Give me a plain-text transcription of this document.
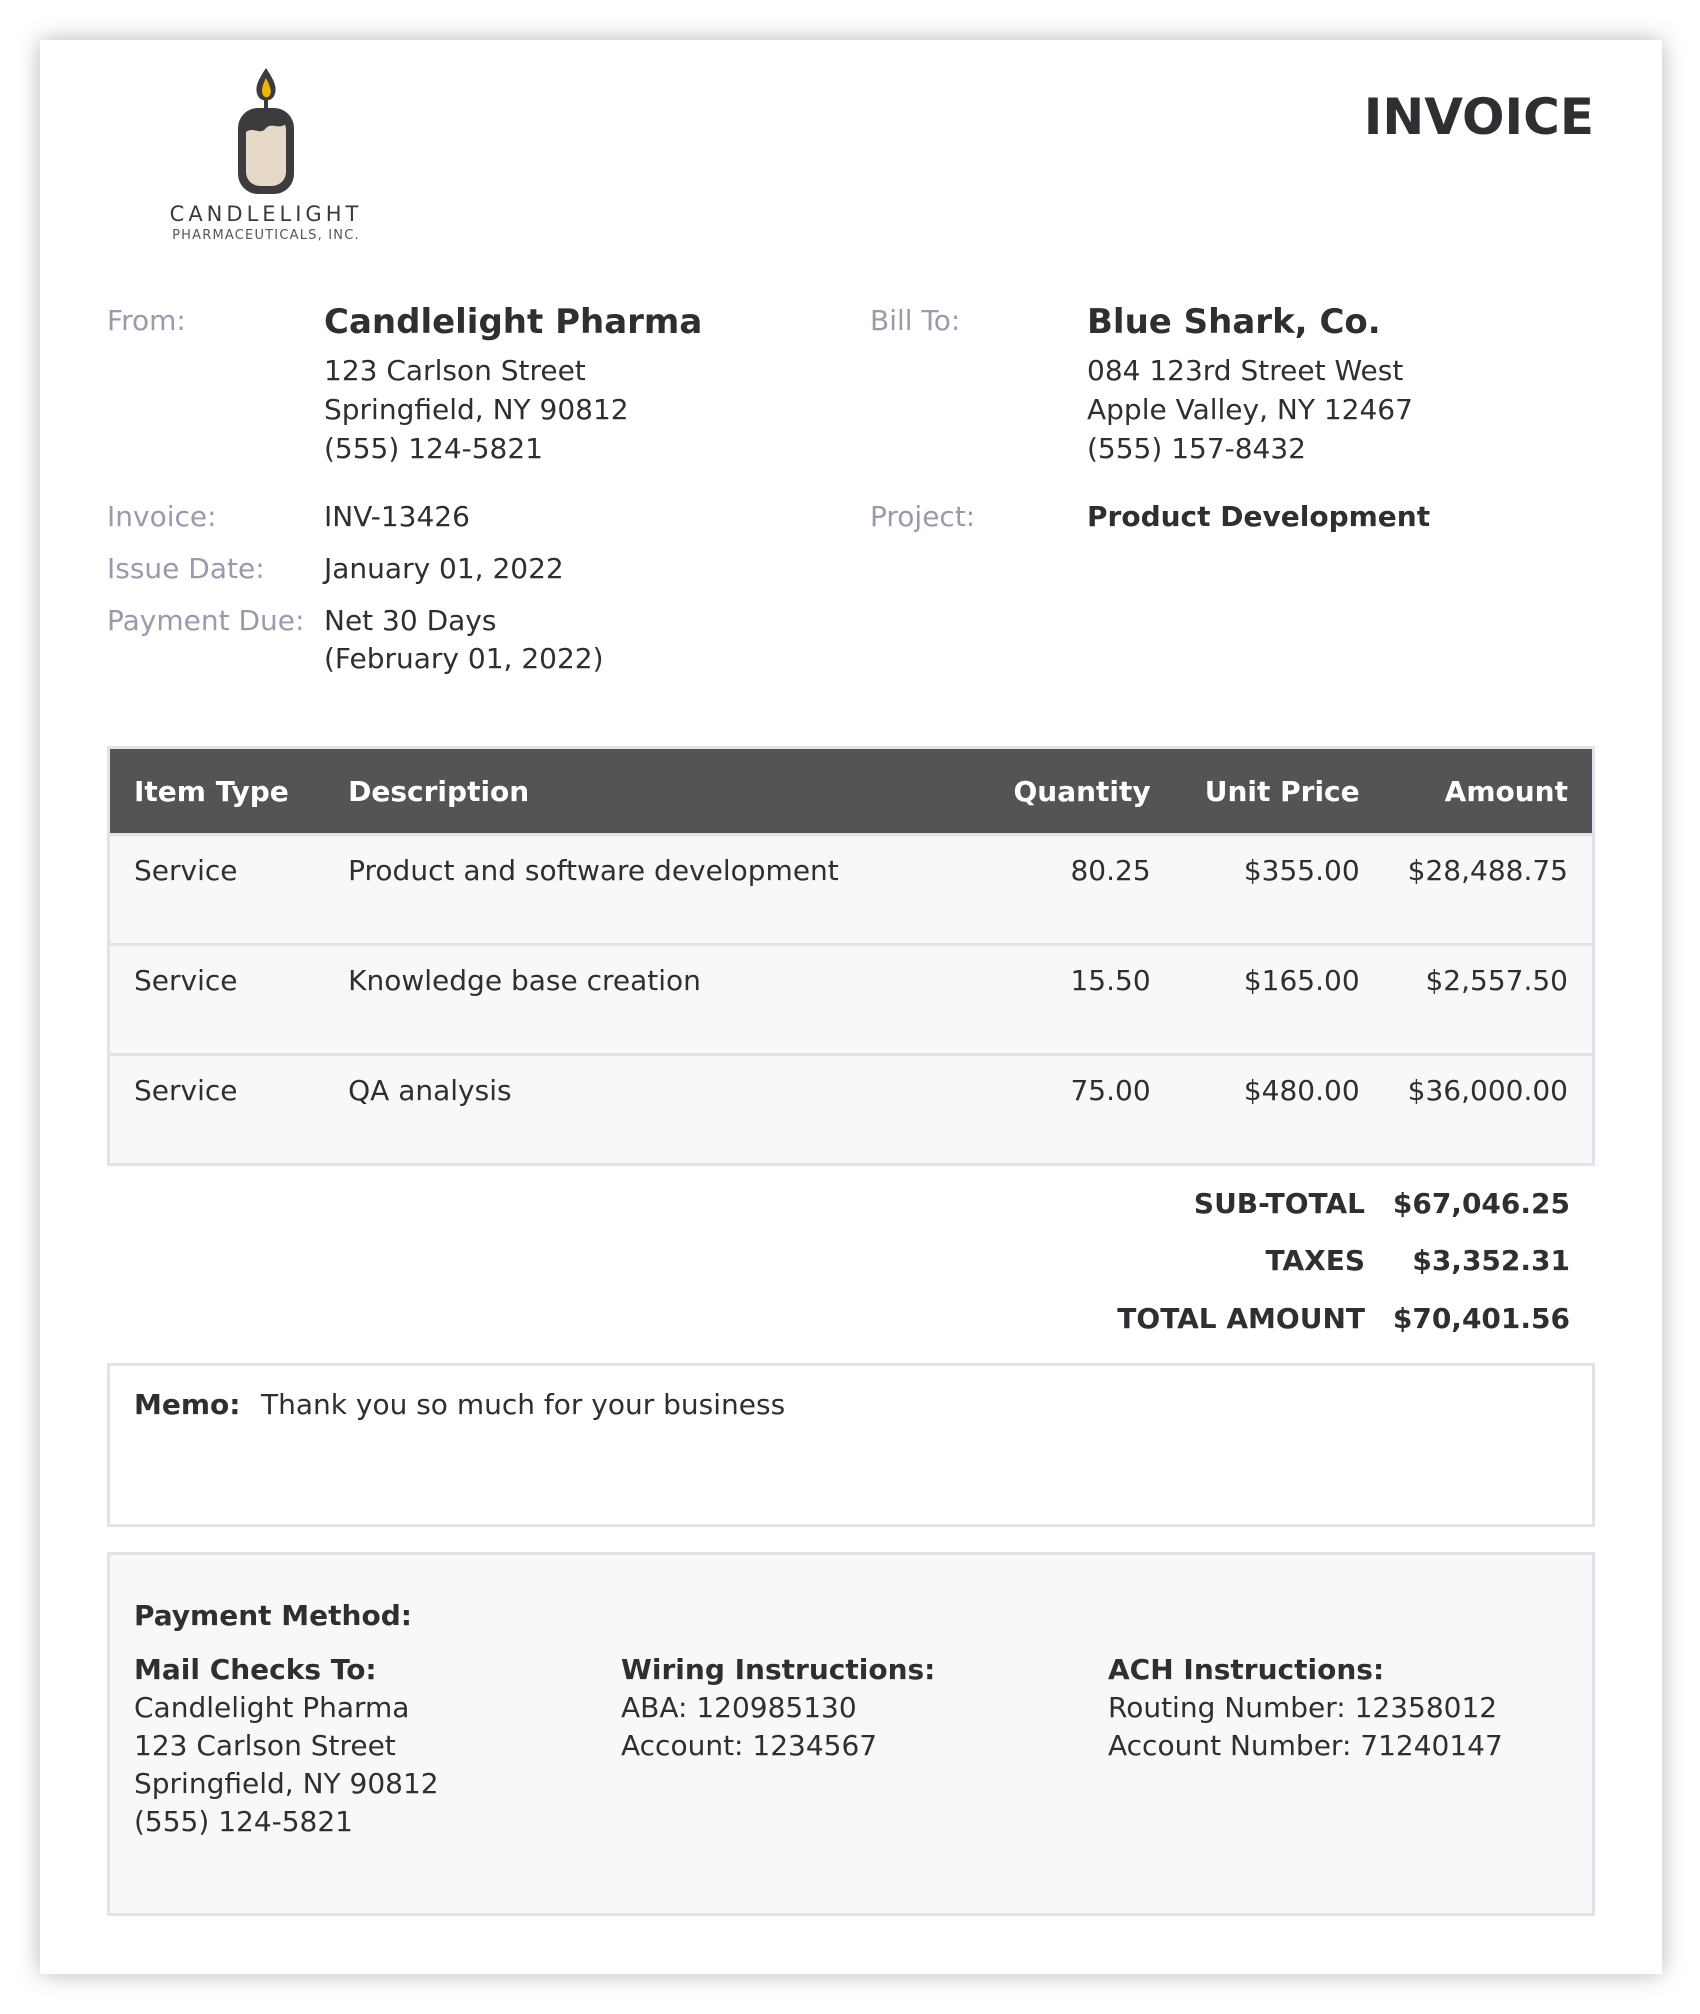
CANDLELIGHT
PHARMACEUTICALS, INC.
INVOICE
From:	Candlelight Pharma
123 Carlson Street
Springfield, NY 90812
(555) 124-5821
Bill To:	Blue Shark, Co.
084 123rd Street West
Apple Valley, NY 12467
(555) 157-8432
Invoice:	INV-13426
Issue Date: January 01, 2022
Payment Due: Net 30 Days
(February 01, 2022)
Project:	Product Development
Item Type	Description	Quantity	Unit Price	Amount
Service	Product and software development	80.25	$355.00	$28,488.75
Service	Knowledge base creation	15.50	$165.00	$2,557.50
Service	QA analysis	75.00	$480.00	$36,000.00
SUB-TOTAL $67,046.25
TAXES	$3,352.31
TOTAL AMOUNT $70,401.56
Memo: Thank you so much for your business
Payment Method:
Mail Checks To:
Candlelight Pharma
123 Carlson Street
Springfield, NY 90812
(555) 124-5821
Wiring Instructions:
ABA: 120985130
Account: 1234567
ACH Instructions:
Routing Number: 12358012
Account Number: 71240147
